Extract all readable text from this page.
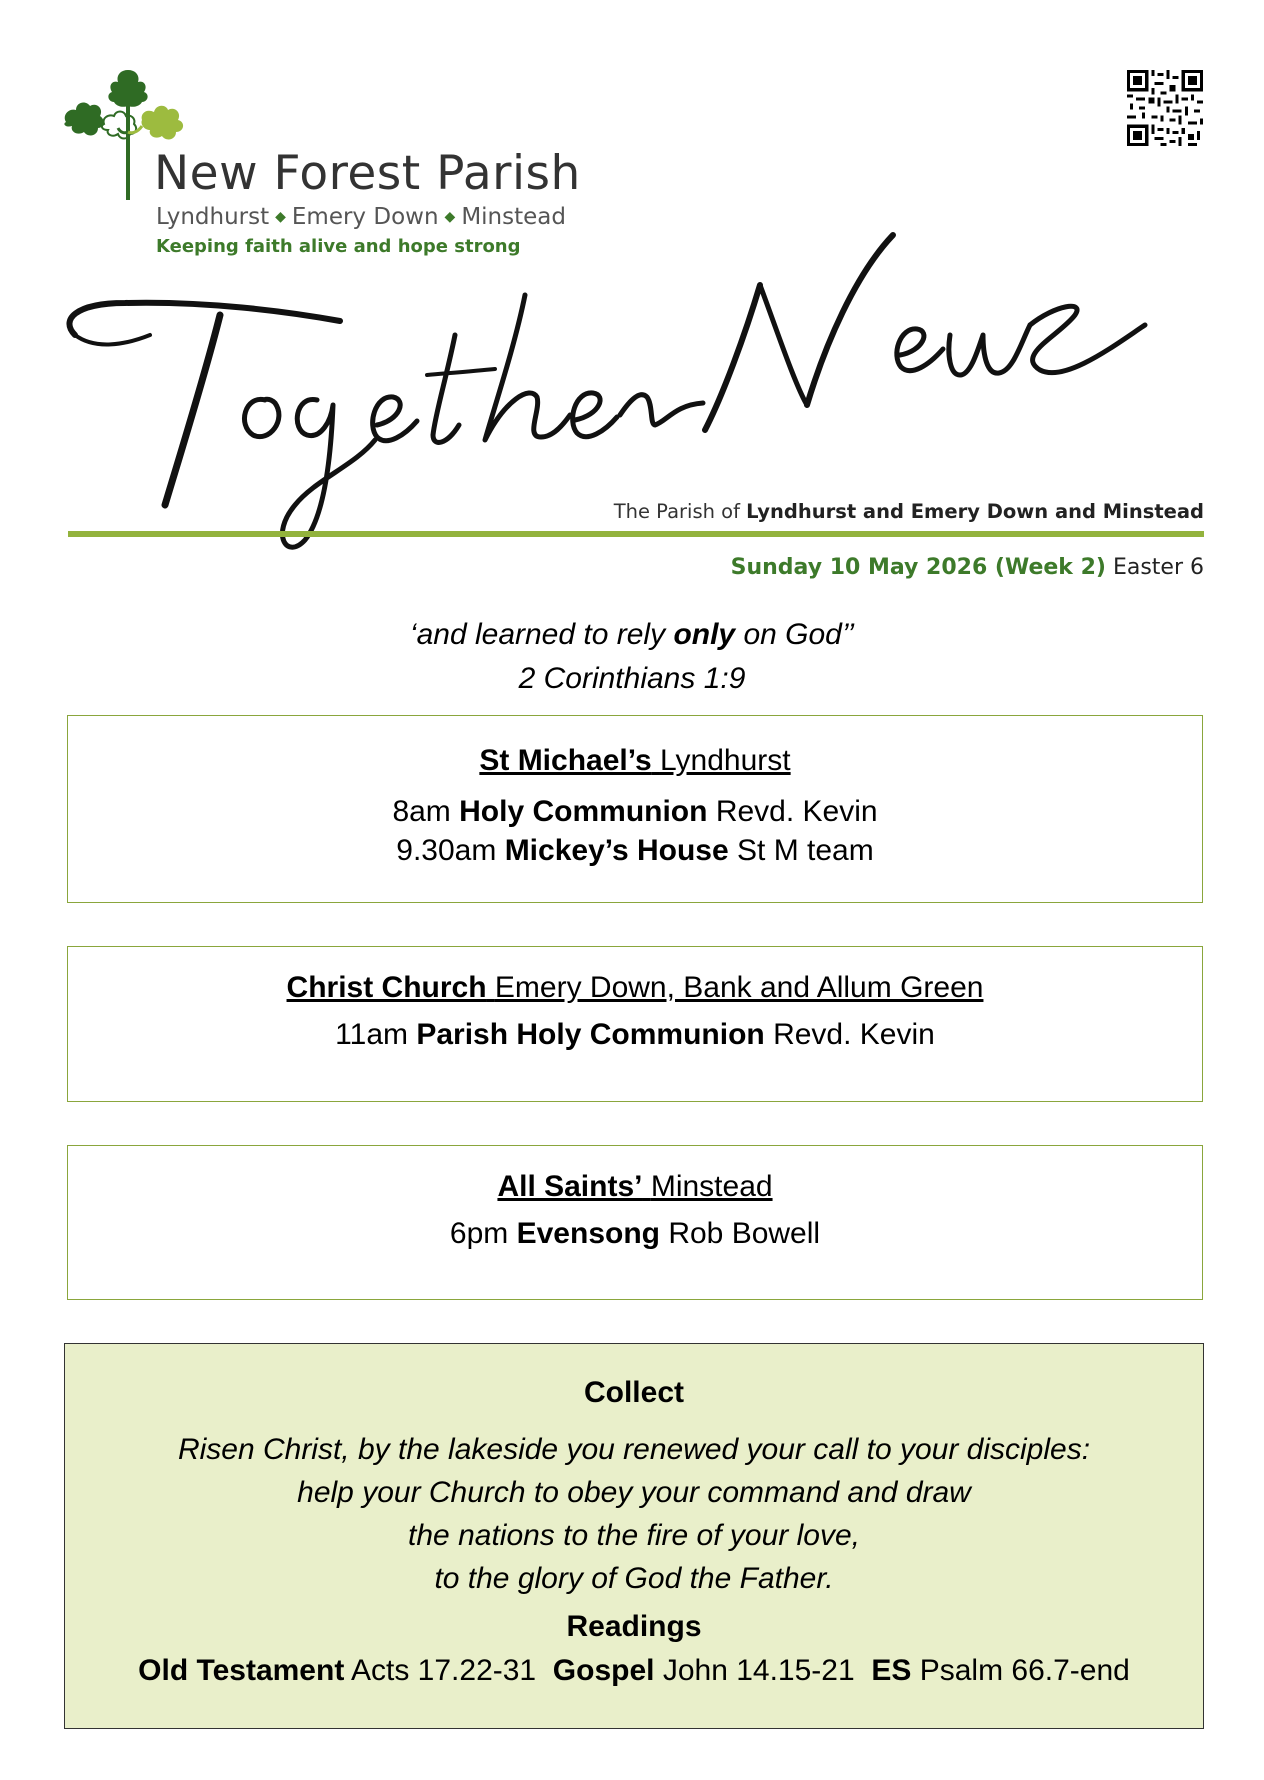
New Forest Parish
Lyndhurst ◆ Emery Down ◆ Minstead
Keeping faith alive and hope strong
The Parish of Lyndhurst and Emery Down and Minstead
Sunday 10 May 2026 (Week 2) Easter 6
‘and learned to rely only on God’’
2 Corinthians 1:9
St Michael’s Lyndhurst
8am Holy Communion Revd. Kevin
9.30am Mickey’s House St M team
Christ Church Emery Down, Bank and Allum Green
11am Parish Holy Communion Revd. Kevin
All Saints’ Minstead
6pm Evensong Rob Bowell
Collect
Risen Christ, by the lakeside you renewed your call to your disciples:
help your Church to obey your command and draw
the nations to the fire of your love,
to the glory of God the Father.
Readings
Old Testament Acts 17.22-31 Gospel John 14.15-21 ES Psalm 66.7-end
